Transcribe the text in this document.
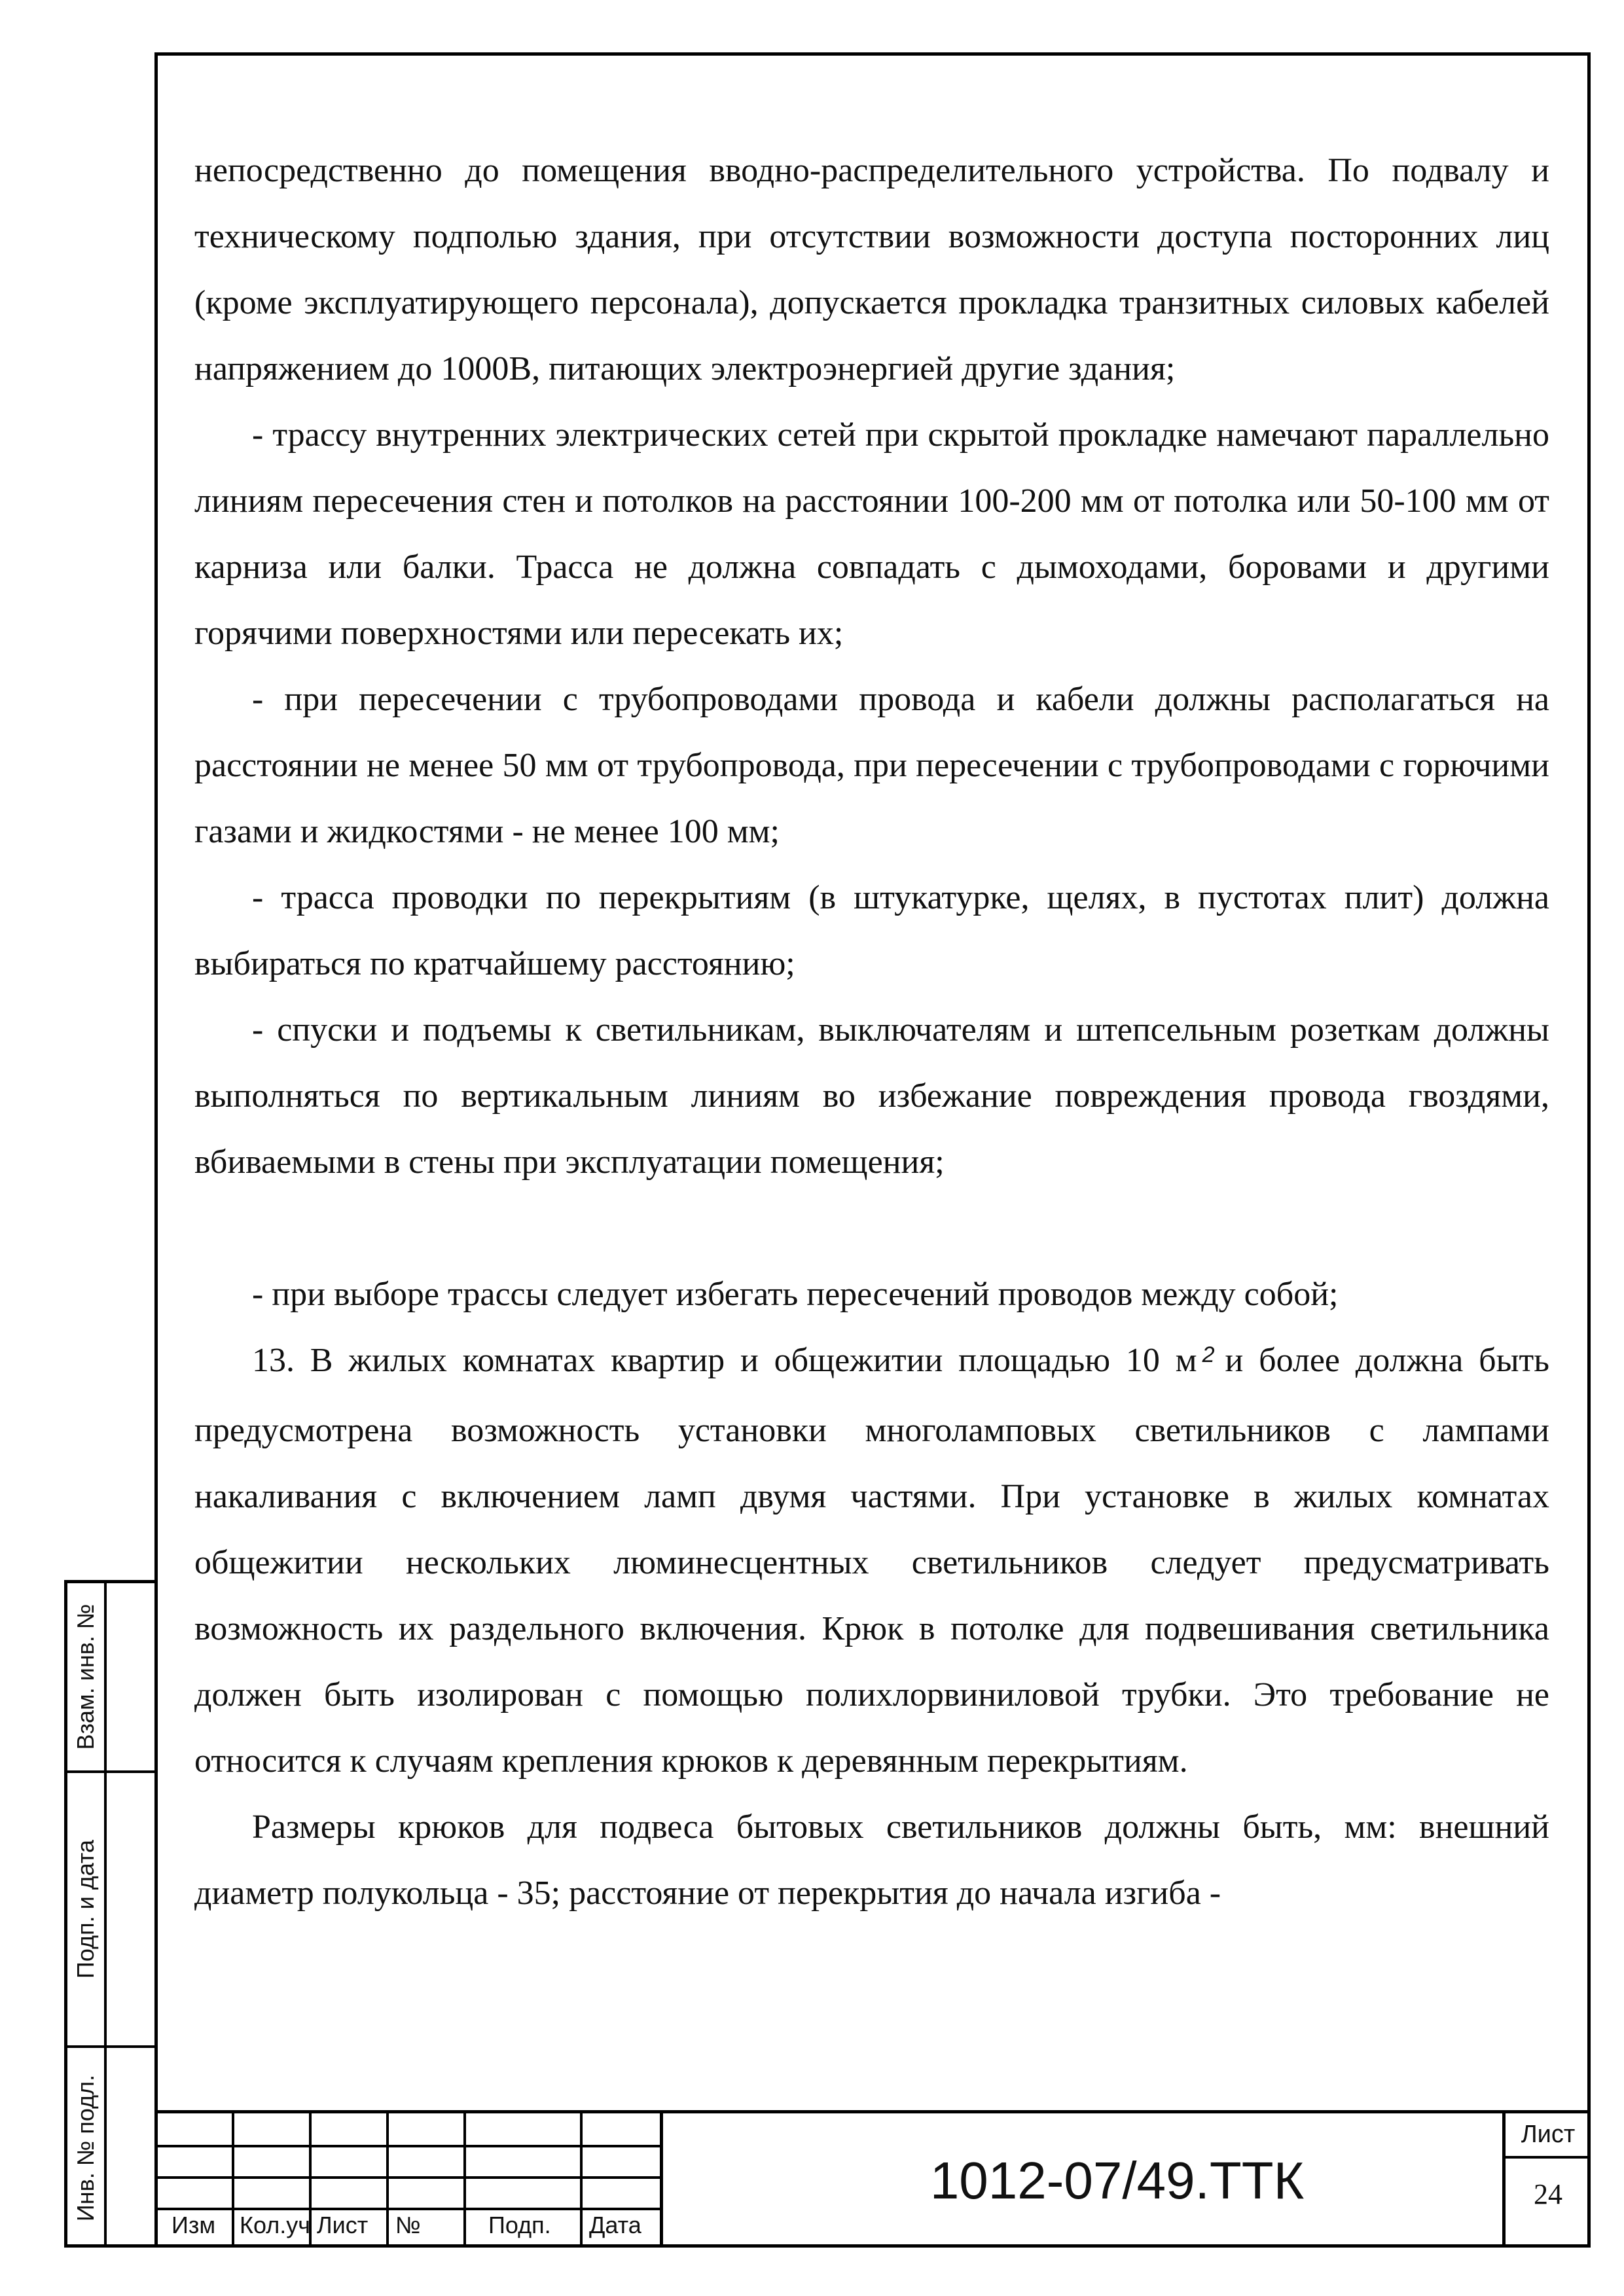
Взам. инв. №
Подп. и дата
Инв. № подл.

непосредственно до помещения вводно-распределительного устройства. По подвалу и техническому подполью здания, при отсутствии возможности доступа посторонних лиц (кроме эксплуатирующего персонала), допускается прокладка транзитных силовых кабелей напряжением до 1000В, питающих электроэнергией другие здания;

- трассу внутренних электрических сетей при скрытой прокладке намечают параллельно линиям пересечения стен и потолков на расстоянии 100-200 мм от потолка или 50-100 мм от карниза или балки. Трасса не должна совпадать с дымоходами, боровами и другими горячими поверхностями или пересекать их;

- при пересечении с трубопроводами провода и кабели должны располагаться на расстоянии не менее 50 мм от трубопровода, при пересечении с трубопроводами с горючими газами и жидкостями - не менее 100 мм;

- трасса проводки по перекрытиям (в штукатурке, щелях, в пустотах плит) должна выбираться по кратчайшему расстоянию;

- спуски и подъемы к светильникам, выключателям и штепсельным розеткам должны выполняться по вертикальным линиям во избежание повреждения провода гвоздями, вбиваемыми в стены при эксплуатации помещения;

- при выборе трассы следует избегать пересечений проводов между собой;

13. В жилых комнатах квартир и общежитии площадью 10 м $^2$ и более должна быть предусмотрена возможность установки многоламповых светильников с лампами накаливания с включением ламп двумя частями. При установке в жилых комнатах общежитии нескольких люминесцентных светильников следует предусматривать возможность их раздельного включения. Крюк в потолке для подвешивания светильника должен быть изолирован с помощью полихлорвиниловой трубки. Это требование не относится к случаям крепления крюков к деревянным перекрытиям.

Размеры крюков для подвеса бытовых светильников должны быть, мм: внешний диаметр полукольца - 35; расстояние от перекрытия до начала изгиба -

Изм Кол.уч Лист №	Подп. Дата
1012-07/49.ТТК
Лист
24
